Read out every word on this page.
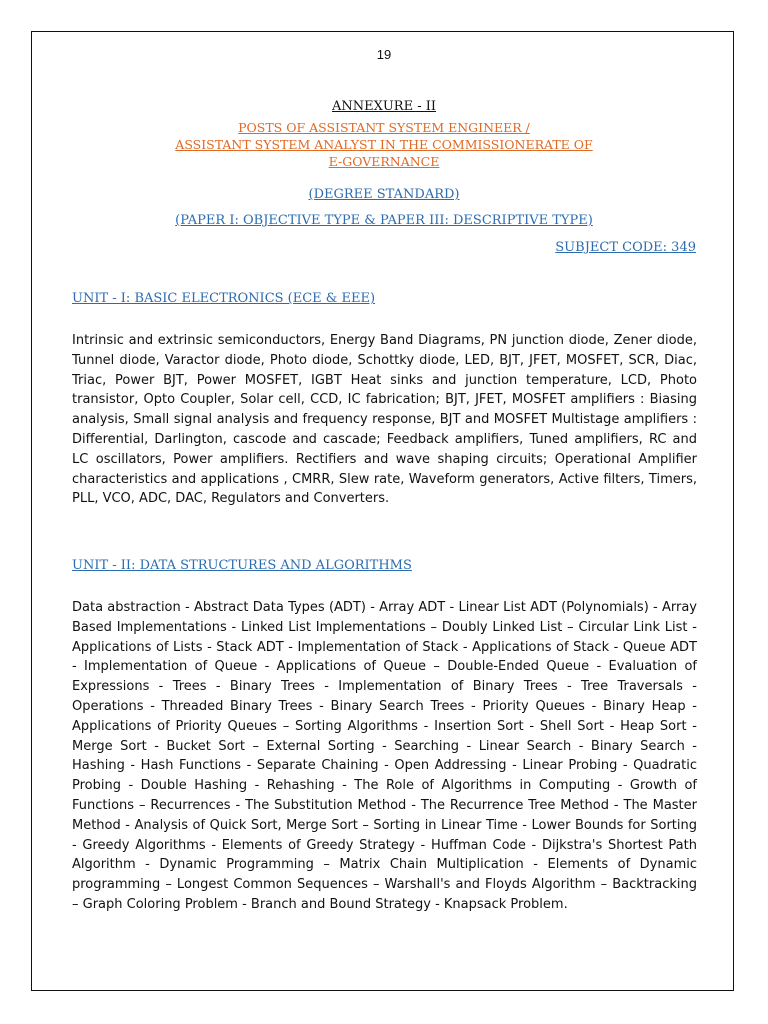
19
ANNEXURE - II
POSTS OF ASSISTANT SYSTEM ENGINEER /
ASSISTANT SYSTEM ANALYST IN THE COMMISSIONERATE OF
E-GOVERNANCE
(DEGREE STANDARD)
(PAPER I: OBJECTIVE TYPE & PAPER III: DESCRIPTIVE TYPE)
SUBJECT CODE: 349
UNIT - I: BASIC ELECTRONICS (ECE & EEE)

Intrinsic and extrinsic semiconductors, Energy Band Diagrams, PN junction diode, Zener diode, Tunnel diode, Varactor diode, Photo diode, Schottky diode, LED, BJT, JFET, MOSFET, SCR, Diac, Triac, Power BJT, Power MOSFET, IGBT Heat sinks and junction temperature, LCD, Photo transistor, Opto Coupler, Solar cell, CCD, IC fabrication; BJT, JFET, MOSFET amplifiers : Biasing analysis, Small signal analysis and frequency response, BJT and MOSFET Multistage amplifiers : Differential, Darlington, cascode and cascade; Feedback amplifiers, Tuned amplifiers, RC and LC oscillators, Power amplifiers. Rectifiers and wave shaping circuits; Operational Amplifier characteristics and applications , CMRR, Slew rate, Waveform generators, Active filters, Timers, PLL, VCO, ADC, DAC, Regulators and Converters.

UNIT - II: DATA STRUCTURES AND ALGORITHMS

Data abstraction - Abstract Data Types (ADT) - Array ADT - Linear List ADT (Polynomials) - Array Based Implementations - Linked List Implementations – Doubly Linked List – Circular Link List - Applications of Lists - Stack ADT - Implementation of Stack - Applications of Stack - Queue ADT - Implementation of Queue - Applications of Queue – Double-Ended Queue - Evaluation of Expressions - Trees - Binary Trees - Implementation of Binary Trees - Tree Traversals - Operations - Threaded Binary Trees - Binary Search Trees - Priority Queues - Binary Heap - Applications of Priority Queues – Sorting Algorithms - Insertion Sort - Shell Sort - Heap Sort - Merge Sort - Bucket Sort – External Sorting - Searching - Linear Search - Binary Search - Hashing - Hash Functions - Separate Chaining - Open Addressing - Linear Probing - Quadratic Probing - Double Hashing - Rehashing - The Role of Algorithms in Computing - Growth of Functions – Recurrences - The Substitution Method - The Recurrence Tree Method - The Master Method - Analysis of Quick Sort, Merge Sort – Sorting in Linear Time - Lower Bounds for Sorting - Greedy Algorithms - Elements of Greedy Strategy - Huffman Code - Dijkstra's Shortest Path Algorithm - Dynamic Programming – Matrix Chain Multiplication - Elements of Dynamic programming – Longest Common Sequences – Warshall's and Floyds Algorithm – Backtracking – Graph Coloring Problem - Branch and Bound Strategy - Knapsack Problem.
